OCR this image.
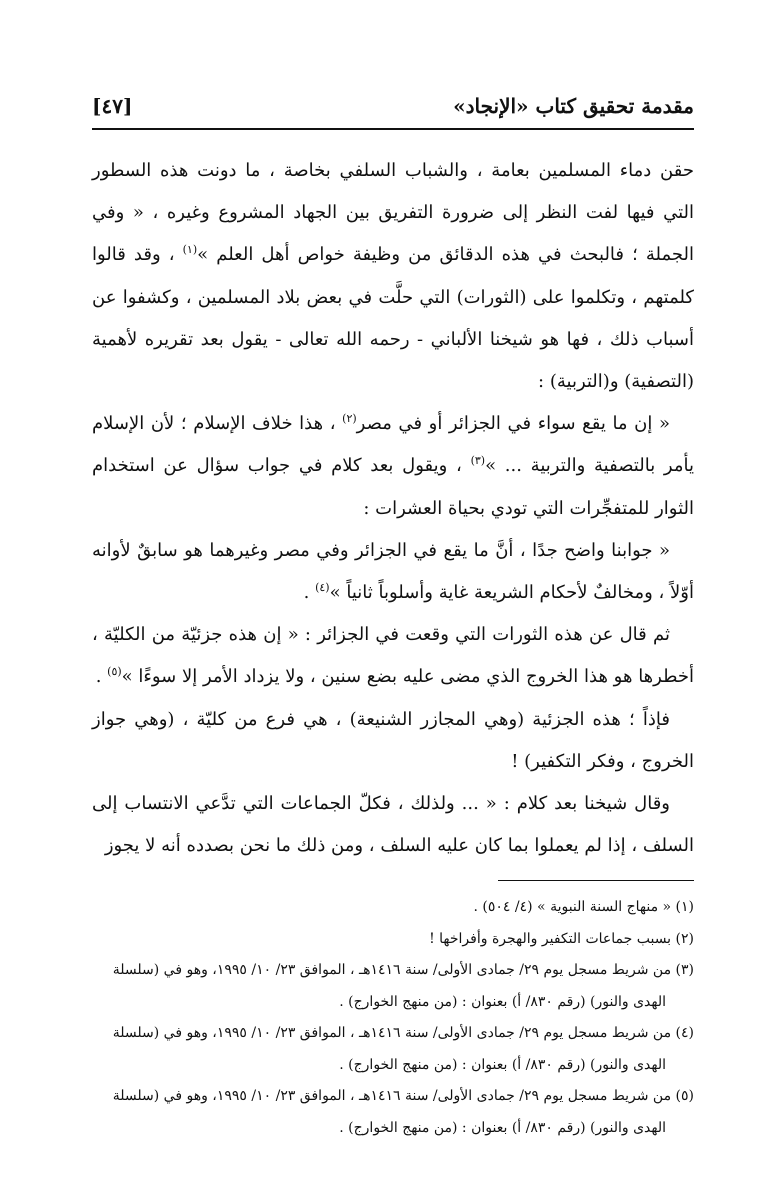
مقدمة تحقيق كتاب «الإنجاد»
[٤٧]

حقن دماء المسلمين بعامة ، والشباب السلفي بخاصة ، ما دونت هذه السطور التي فيها لفت النظر إلى ضرورة التفريق بين الجهاد المشروع وغيره ، « وفي الجملة ؛ فالبحث في هذه الدقائق من وظيفة خواص أهل العلم »$^{(١)}$ ، وقد قالوا كلمتهم ، وتكلموا على (الثورات) التي حلَّت في بعض بلاد المسلمين ، وكشفوا عن أسباب ذلك ، فها هو شيخنا الألباني - رحمه الله تعالى - يقول بعد تقريره لأهمية (التصفية) و(التربية) :

« إن ما يقع سواء في الجزائر أو في مصر$^{(٢)}$ ، هذا خلاف الإسلام ؛ لأن الإسلام يأمر بالتصفية والتربية ... »$^{(٣)}$ ، ويقول بعد كلام في جواب سؤال عن استخدام الثوار للمتفجِّرات التي تودي بحياة العشرات :

« جوابنا واضح جدًا ، أنَّ ما يقع في الجزائر وفي مصر وغيرهما هو سابقٌ لأوانه أوّلاً ، ومخالفٌ لأحكام الشريعة غاية وأسلوباً ثانياً »$^{(٤)}$ .

ثم قال عن هذه الثورات التي وقعت في الجزائر : « إن هذه جزئيّة من الكليّة ، أخطرها هو هذا الخروج الذي مضى عليه بضع سنين ، ولا يزداد الأمر إلا سوءًا »$^{(٥)}$ .

فإذاً ؛ هذه الجزئية (وهي المجازر الشنيعة) ، هي فرع من كليّة ، (وهي جواز الخروج ، وفكر التكفير) !

وقال شيخنا بعد كلام : « ... ولذلك ، فكلّ الجماعات التي تدَّعي الانتساب إلى السلف ، إذا لم يعملوا بما كان عليه السلف ، ومن ذلك ما نحن بصدده أنه لا يجوز

(١) « منهاج السنة النبوية » (٤/ ٥٠٤) .

(٢) بسبب جماعات التكفير والهجرة وأفراخها !

(٣) من شريط مسجل يوم ٢٩/ جمادى الأولى/ سنة ١٤١٦هـ ، الموافق ٢٣/ ١٠/ ١٩٩٥، وهو في (سلسلة

الهدى والنور) (رقم ٨٣٠/ أ) بعنوان : (من منهج الخوارج) .

(٤) من شريط مسجل يوم ٢٩/ جمادى الأولى/ سنة ١٤١٦هـ ، الموافق ٢٣/ ١٠/ ١٩٩٥، وهو في (سلسلة

الهدى والنور) (رقم ٨٣٠/ أ) بعنوان : (من منهج الخوارج) .

(٥) من شريط مسجل يوم ٢٩/ جمادى الأولى/ سنة ١٤١٦هـ ، الموافق ٢٣/ ١٠/ ١٩٩٥، وهو في (سلسلة

الهدى والنور) (رقم ٨٣٠/ أ) بعنوان : (من منهج الخوارج) .
